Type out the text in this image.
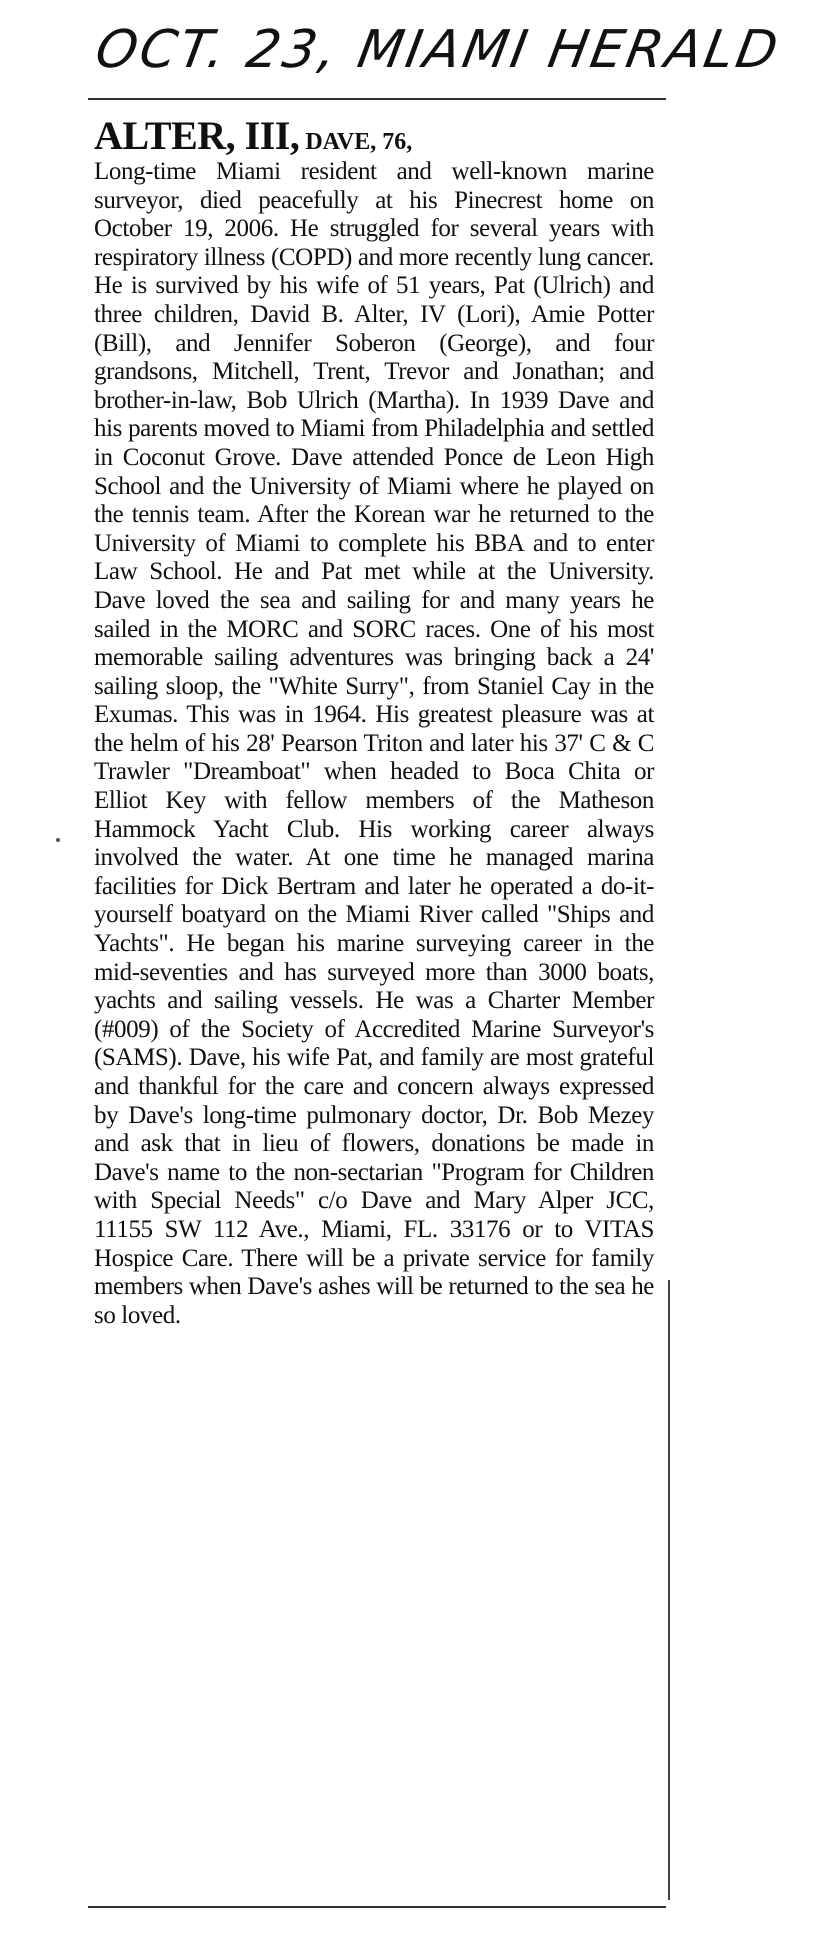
OCT. 23, MIAMI HERALD
ALTER, III, DAVE, 76,

Long-time Miami resident and well-known marine surveyor, died peacefully at his Pinecrest home on October 19, 2006. He struggled for several years with respiratory illness (COPD) and more recently lung cancer. He is survived by his wife of 51 years, Pat (Ulrich) and three children, David B. Alter, IV (Lori), Amie Potter (Bill), and Jennifer Soberon (George), and four grandsons, Mitchell, Trent, Trevor and Jonathan; and brother-in-law, Bob Ulrich (Martha). In 1939 Dave and his parents moved to Miami from Philadelphia and settled in Coconut Grove. Dave attended Ponce de Leon High School and the University of Miami where he played on the tennis team. After the Korean war he returned to the University of Miami to complete his BBA and to enter Law School. He and Pat met while at the University. Dave loved the sea and sailing for and many years he sailed in the MORC and SORC races. One of his most memorable sailing adventures was bringing back a 24' sailing sloop, the "White Surry", from Staniel Cay in the Exumas. This was in 1964. His greatest pleasure was at the helm of his 28' Pearson Triton and later his 37' C & C Trawler "Dreamboat" when headed to Boca Chita or Elliot Key with fellow members of the Matheson Hammock Yacht Club. His working career always involved the water. At one time he managed marina facilities for Dick Bertram and later he operated a do-it-yourself boatyard on the Miami River called "Ships and Yachts". He began his marine surveying career in the mid-seventies and has surveyed more than 3000 boats, yachts and sailing vessels. He was a Charter Member (#009) of the Society of Accredited Marine Surveyor's (SAMS). Dave, his wife Pat, and family are most grateful and thankful for the care and concern always expressed by Dave's long-time pulmonary doctor, Dr. Bob Mezey and ask that in lieu of flowers, donations be made in Dave's name to the non-sectarian "Program for Children with Special Needs" c/o Dave and Mary Alper JCC, 11155 SW 112 Ave., Miami, FL. 33176 or to VITAS Hospice Care. There will be a private service for family members when Dave's ashes will be returned to the sea he so loved.
